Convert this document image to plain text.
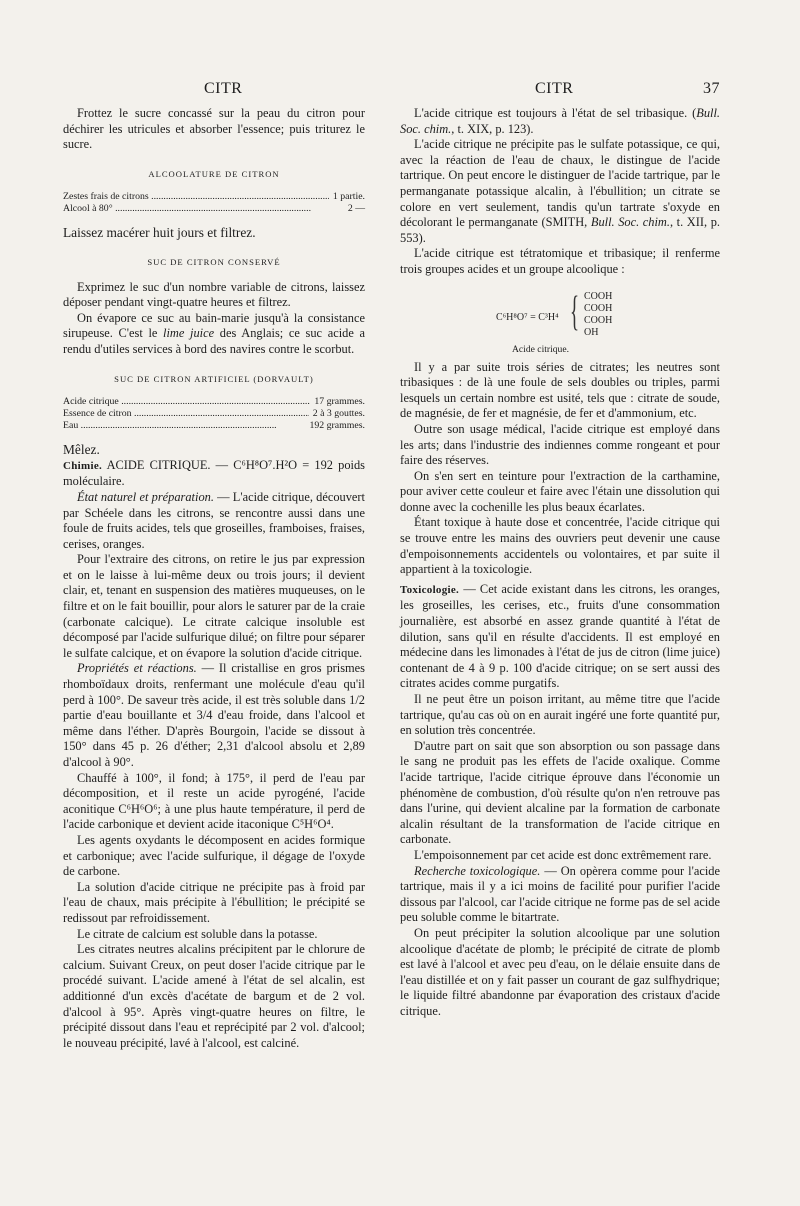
CITR	CITR	37

Frottez le sucre concassé sur la peau du citron pour déchirer les utricules et absorber l'essence; puis triturez le sucre.

ALCOOLATURE DE CITRON
Zestes frais de citrons .....	1 partie.
Alcool à 80° .....	2 —

Laissez macérer huit jours et filtrez.

SUC DE CITRON CONSERVÉ

Exprimez le suc d'un nombre variable de citrons, laissez déposer pendant vingt-quatre heures et filtrez.

On évapore ce suc au bain-marie jusqu'à la consistance sirupeuse. C'est le lime juice des Anglais; ce suc acide a rendu d'utiles services à bord des navires contre le scorbut.

SUC DE CITRON ARTIFICIEL (DORVAULT)
Acide citrique .....	17 grammes.
Essence de citron .....	2 à 3 gouttes.
Eau .....	192 grammes.

Mêlez.

Chimie. ACIDE CITRIQUE. — C⁶H⁸O⁷.H²O = 192 poids moléculaire.

État naturel et préparation. — L'acide citrique, découvert par Schéele dans les citrons, se rencontre aussi dans une foule de fruits acides, tels que groseilles, framboises, fraises, cerises, oranges.

Pour l'extraire des citrons, on retire le jus par expression et on le laisse à lui-même deux ou trois jours; il devient clair, et, tenant en suspension des matières muqueuses, on le filtre et on le fait bouillir, pour alors le saturer par de la craie (carbonate calcique). Le citrate calcique insoluble est décomposé par l'acide sulfurique dilué; on filtre pour séparer le sulfate calcique, et on évapore la solution d'acide citrique.

Propriétés et réactions. — Il cristallise en gros prismes rhomboïdaux droits, renfermant une molécule d'eau qu'il perd à 100°. De saveur très acide, il est très soluble dans 1/2 partie d'eau bouillante et 3/4 d'eau froide, dans l'alcool et même dans l'éther. D'après Bourgoin, l'acide se dissout à 150° dans 45 p. 26 d'éther; 2,31 d'alcool absolu et 2,89 d'alcool à 90°.

Chauffé à 100°, il fond; à 175°, il perd de l'eau par décomposition, et il reste un acide pyrogéné, l'acide aconitique C⁶H⁶O⁶; à une plus haute température, il perd de l'acide carbonique et devient acide itaconique C⁵H⁶O⁴.

Les agents oxydants le décomposent en acides formique et carbonique; avec l'acide sulfurique, il dégage de l'oxyde de carbone.

La solution d'acide citrique ne précipite pas à froid par l'eau de chaux, mais précipite à l'ébullition; le précipité se redissout par refroidissement.

Le citrate de calcium est soluble dans la potasse.

Les citrates neutres alcalins précipitent par le chlorure de calcium. Suivant Creux, on peut doser l'acide citrique par le procédé suivant. L'acide amené à l'état de sel alcalin, est additionné d'un excès d'acétate de bargum et de 2 vol. d'alcool à 95°. Après vingt-quatre heures on filtre, le précipité dissout dans l'eau et reprécipité par 2 vol. d'alcool; le nouveau précipité, lavé à l'alcool, est calciné.

L'acide citrique est toujours à l'état de sel tribasique. (Bull. Soc. chim., t. XIX, p. 123).

L'acide citrique ne précipite pas le sulfate potassique, ce qui, avec la réaction de l'eau de chaux, le distingue de l'acide tartrique. On peut encore le distinguer de l'acide tartrique, par le permanganate potassique alcalin, à l'ébullition; un citrate se colore en vert seulement, tandis qu'un tartrate s'oxyde en décolorant le permanganate (SMITH, Bull. Soc. chim., t. XII, p. 553).

L'acide citrique est tétratomique et tribasique; il renferme trois groupes acides et un groupe alcoolique :

C⁶H⁸O⁷ = C³H⁴ { COOH
COOH
COOH
OH
Acide citrique.

Il y a par suite trois séries de citrates; les neutres sont tribasiques : de là une foule de sels doubles ou triples, parmi lesquels un certain nombre est usité, tels que : citrate de soude, de magnésie, de fer et magnésie, de fer et d'ammonium, etc.

Outre son usage médical, l'acide citrique est employé dans les arts; dans l'industrie des indiennes comme rongeant et pour faire des réserves.

On s'en sert en teinture pour l'extraction de la carthamine, pour aviver cette couleur et faire avec l'étain une dissolution qui donne avec la cochenille les plus beaux écarlates.

Étant toxique à haute dose et concentrée, l'acide citrique qui se trouve entre les mains des ouvriers peut devenir une cause d'empoisonnements accidentels ou volontaires, et par suite il appartient à la toxicologie.

Toxicologie. — Cet acide existant dans les citrons, les oranges, les groseilles, les cerises, etc., fruits d'une consommation journalière, est absorbé en assez grande quantité à l'état de dilution, sans qu'il en résulte d'accidents. Il est employé en médecine dans les limonades à l'état de jus de citron (lime juice) contenant de 4 à 9 p. 100 d'acide citrique; on se sert aussi des citrates acides comme purgatifs.

Il ne peut être un poison irritant, au même titre que l'acide tartrique, qu'au cas où on en aurait ingéré une forte quantité pur, en solution très concentrée.

D'autre part on sait que son absorption ou son passage dans le sang ne produit pas les effets de l'acide oxalique. Comme l'acide tartrique, l'acide citrique éprouve dans l'économie un phénomène de combustion, d'où résulte qu'on n'en retrouve pas dans l'urine, qui devient alcaline par la formation de carbonate alcalin résultant de la transformation de l'acide citrique en carbonate.

L'empoisonnement par cet acide est donc extrêmement rare.

Recherche toxicologique. — On opèrera comme pour l'acide tartrique, mais il y a ici moins de facilité pour purifier l'acide dissous par l'alcool, car l'acide citrique ne forme pas de sel acide peu soluble comme le bitartrate.

On peut précipiter la solution alcoolique par une solution alcoolique d'acétate de plomb; le précipité de citrate de plomb est lavé à l'alcool et avec peu d'eau, on le délaie ensuite dans de l'eau distillée et on y fait passer un courant de gaz sulfhydrique; le liquide filtré abandonne par évaporation des cristaux d'acide citrique.
